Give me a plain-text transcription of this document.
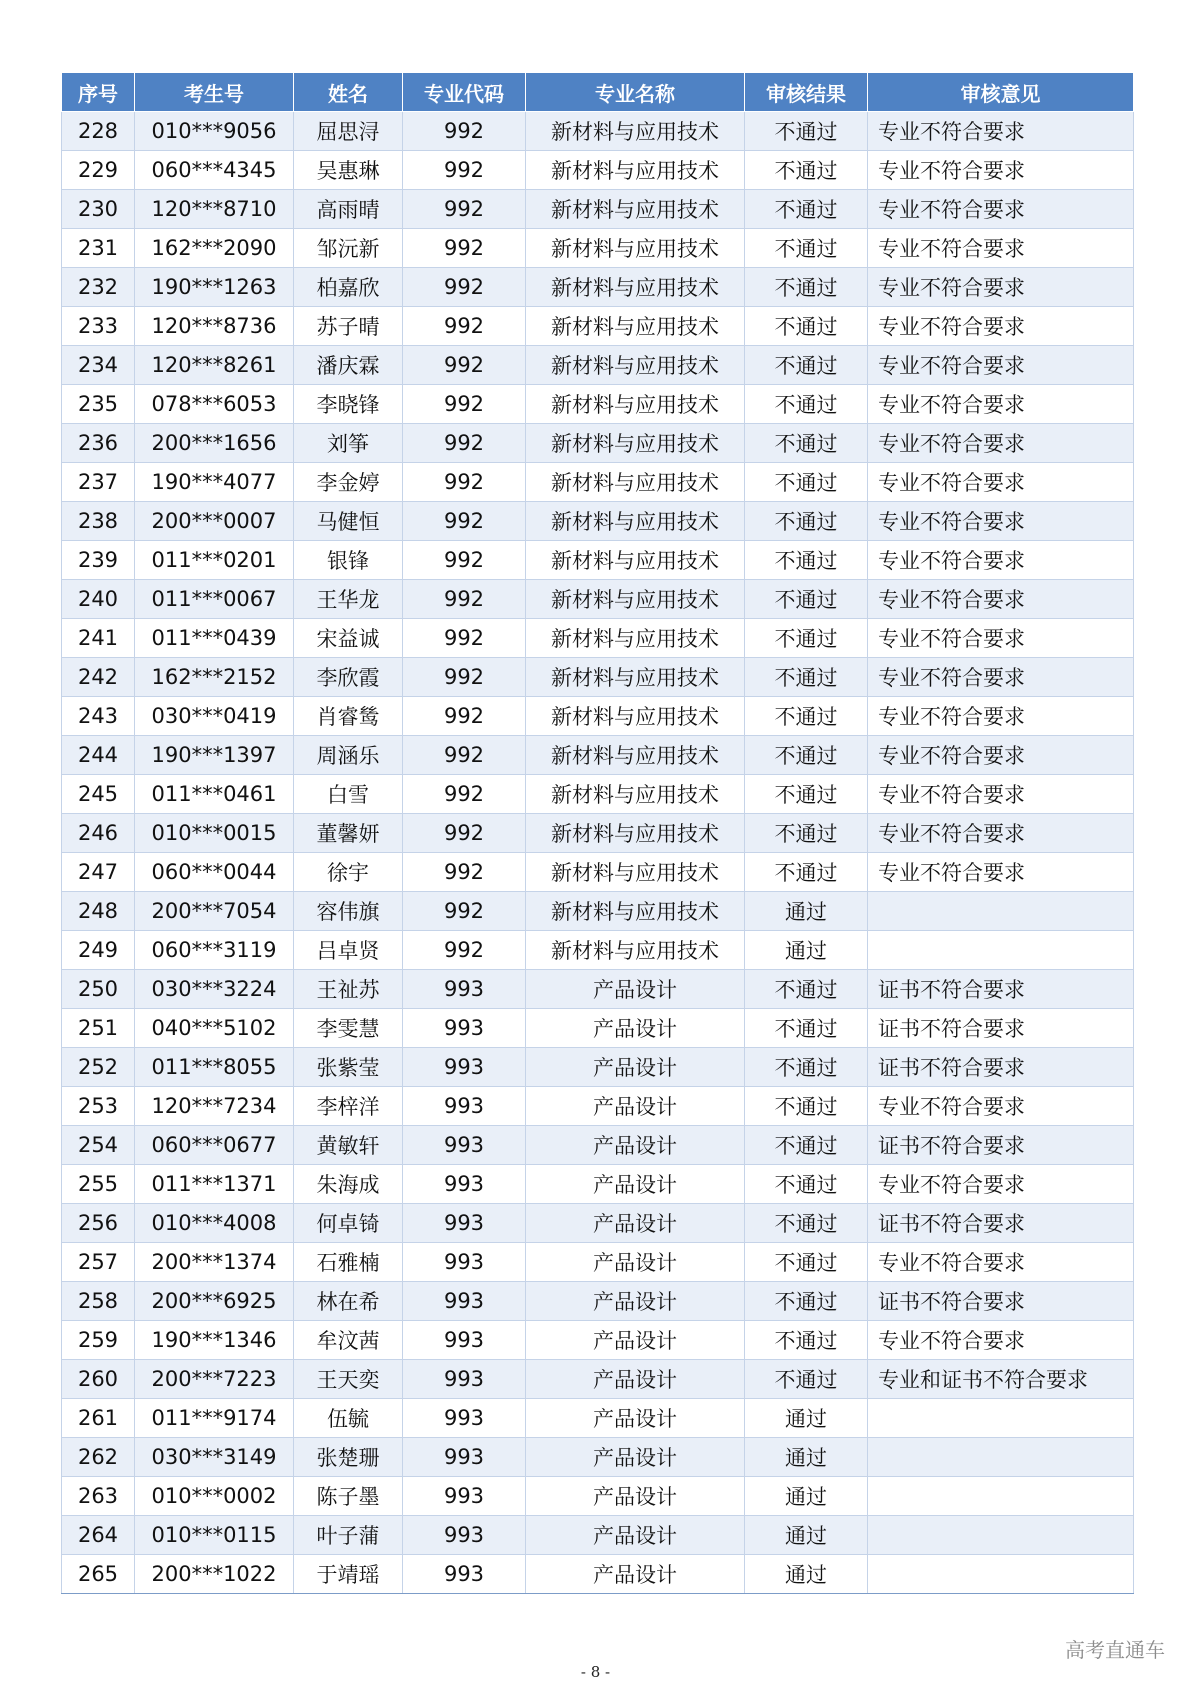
序号	考生号	姓名	专业代码	专业名称	审核结果	审核意见
228	010***9056	屈思浔	992	新材料与应用技术	不通过	专业不符合要求
229	060***4345	吴惠琳	992	新材料与应用技术	不通过	专业不符合要求
230	120***8710	高雨晴	992	新材料与应用技术	不通过	专业不符合要求
231	162***2090	邹沅新	992	新材料与应用技术	不通过	专业不符合要求
232	190***1263	柏嘉欣	992	新材料与应用技术	不通过	专业不符合要求
233	120***8736	苏子晴	992	新材料与应用技术	不通过	专业不符合要求
234	120***8261	潘庆霖	992	新材料与应用技术	不通过	专业不符合要求
235	078***6053	李晓锋	992	新材料与应用技术	不通过	专业不符合要求
236	200***1656	刘筝	992	新材料与应用技术	不通过	专业不符合要求
237	190***4077	李金婷	992	新材料与应用技术	不通过	专业不符合要求
238	200***0007	马健恒	992	新材料与应用技术	不通过	专业不符合要求
239	011***0201	银锋	992	新材料与应用技术	不通过	专业不符合要求
240	011***0067	王华龙	992	新材料与应用技术	不通过	专业不符合要求
241	011***0439	宋益诚	992	新材料与应用技术	不通过	专业不符合要求
242	162***2152	李欣霞	992	新材料与应用技术	不通过	专业不符合要求
243	030***0419	肖睿鸶	992	新材料与应用技术	不通过	专业不符合要求
244	190***1397	周涵乐	992	新材料与应用技术	不通过	专业不符合要求
245	011***0461	白雪	992	新材料与应用技术	不通过	专业不符合要求
246	010***0015	董馨妍	992	新材料与应用技术	不通过	专业不符合要求
247	060***0044	徐宇	992	新材料与应用技术	不通过	专业不符合要求
248	200***7054	容伟旗	992	新材料与应用技术	通过	
249	060***3119	吕卓贤	992	新材料与应用技术	通过	
250	030***3224	王祉苏	993	产品设计	不通过	证书不符合要求
251	040***5102	李雯慧	993	产品设计	不通过	证书不符合要求
252	011***8055	张紫莹	993	产品设计	不通过	证书不符合要求
253	120***7234	李梓洋	993	产品设计	不通过	专业不符合要求
254	060***0677	黄敏轩	993	产品设计	不通过	证书不符合要求
255	011***1371	朱海成	993	产品设计	不通过	专业不符合要求
256	010***4008	何卓锜	993	产品设计	不通过	证书不符合要求
257	200***1374	石雅楠	993	产品设计	不通过	专业不符合要求
258	200***6925	林在希	993	产品设计	不通过	证书不符合要求
259	190***1346	牟汶茜	993	产品设计	不通过	专业不符合要求
260	200***7223	王天奕	993	产品设计	不通过	专业和证书不符合要求
261	011***9174	伍毓	993	产品设计	通过	
262	030***3149	张楚珊	993	产品设计	通过	
263	010***0002	陈子墨	993	产品设计	通过	
264	010***0115	叶子蒲	993	产品设计	通过	
265	200***1022	于靖瑶	993	产品设计	通过	
高考直通车
- 8 -
